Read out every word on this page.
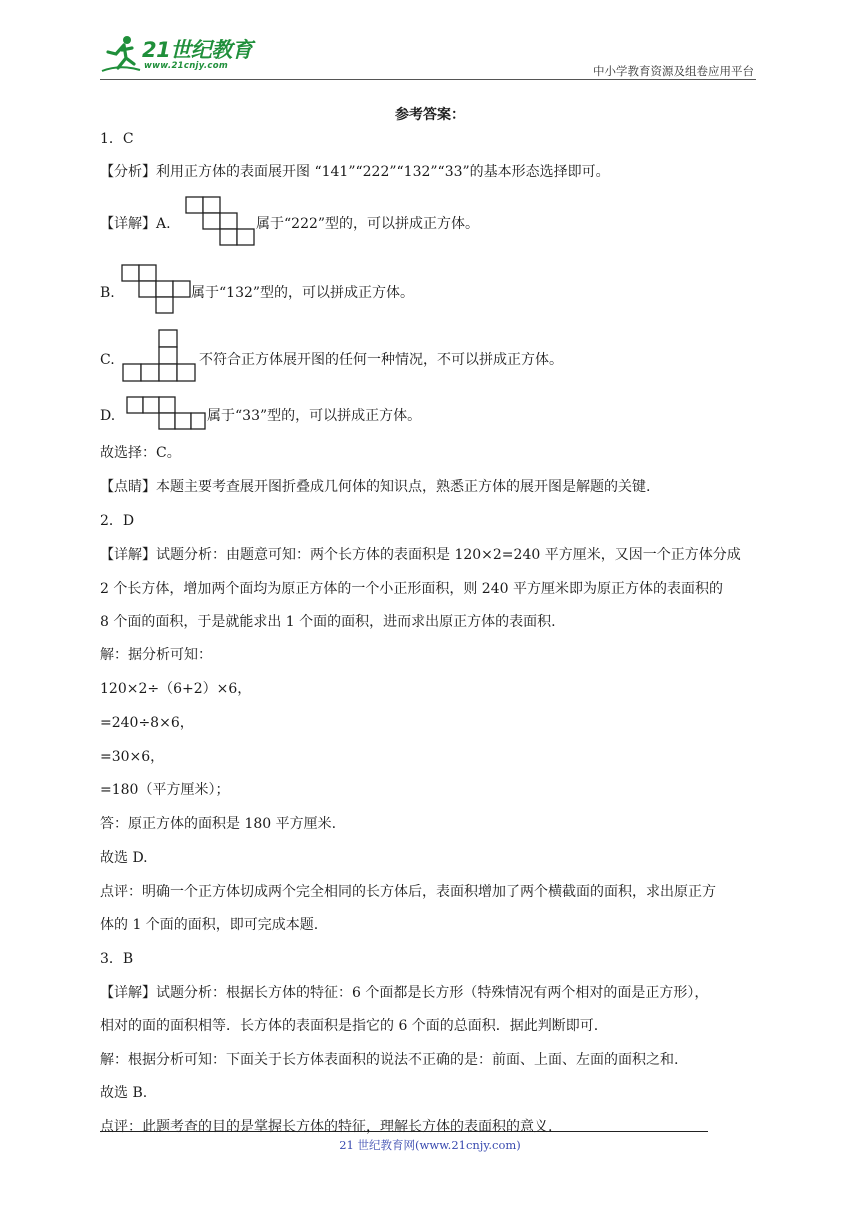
21世纪教育
www.21cnjy.com	中小学教育资源及组卷应用平台
参考答案：
1．C
【分析】利用正方体的表面展开图 “141”“222”“132”“33”的基本形态选择即可。
【详解】A.	属于“222”型的，可以拼成正方体。
B.	属于“132”型的，可以拼成正方体。
C.	不符合正方体展开图的任何一种情况，不可以拼成正方体。
D.	属于“33”型的，可以拼成正方体。
故选择：C。
【点睛】本题主要考查展开图折叠成几何体的知识点，熟悉正方体的展开图是解题的关键.
2．D
【详解】试题分析：由题意可知：两个长方体的表面积是 120×2=240 平方厘米，又因一个正方体分成
2 个长方体，增加两个面均为原正方体的一个小正形面积，则 240 平方厘米即为原正方体的表面积的
8 个面的面积，于是就能求出 1 个面的面积，进而求出原正方体的表面积.
解：据分析可知：
120×2÷（6+2）×6，
=240÷8×6，
=30×6，
=180（平方厘米）；
答：原正方体的面积是 180 平方厘米.
故选 D.
点评：明确一个正方体切成两个完全相同的长方体后，表面积增加了两个横截面的面积，求出原正方
体的 1 个面的面积，即可完成本题.
3．B
【详解】试题分析：根据长方体的特征：6 个面都是长方形（特殊情况有两个相对的面是正方形），
相对的面的面积相等．长方体的表面积是指它的 6 个面的总面积．据此判断即可.
解：根据分析可知：下面关于长方体表面积的说法不正确的是：前面、上面、左面的面积之和.
故选 B.
点评：此题考查的目的是掌握长方体的特征，理解长方体的表面积的意义.
21 世纪教育网(www.21cnjy.com)
